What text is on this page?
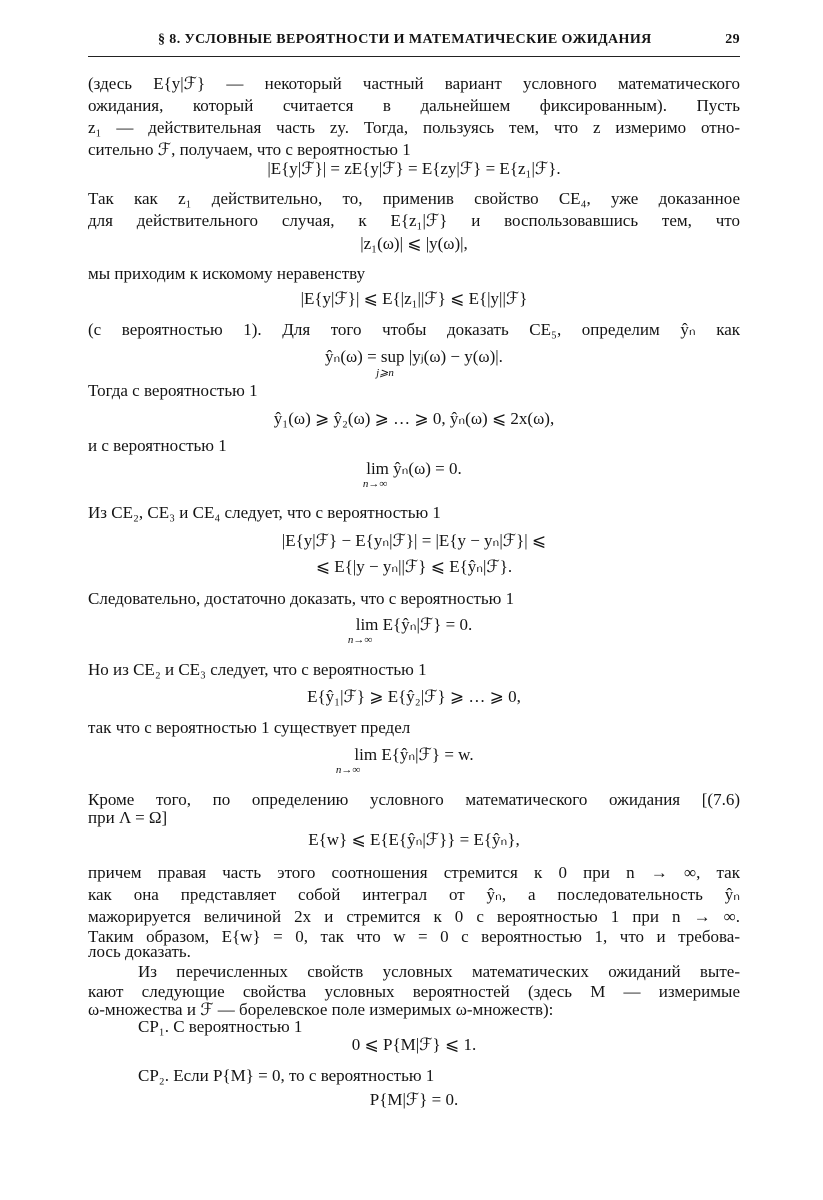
§ 8. УСЛОВНЫЕ ВЕРОЯТНОСТИ И МАТЕМАТИЧЕСКИЕ ОЖИДАНИЯ	29
(здесь E{y|ℱ} — некоторый частный вариант условного математического
ожидания, который считается в дальнейшем фиксированным). Пусть
z₁ — действительная часть zy. Тогда, пользуясь тем, что z измеримо отно-
сительно ℱ, получаем, что с вероятностью 1
|E{y|ℱ}| = zE{y|ℱ} = E{zy|ℱ} = E{z₁|ℱ}.
Так как z₁ действительно, то, применив свойство CE₄, уже доказанное
для действительного случая, к E{z₁|ℱ} и воспользовавшись тем, что
|z₁(ω)| ⩽ |y(ω)|,
мы приходим к искомому неравенству
|E{y|ℱ}| ⩽ E{|z₁||ℱ} ⩽ E{|y||ℱ}
(с вероятностью 1). Для того чтобы доказать CE₅, определим ŷₙ как
ŷₙ(ω) = sup |yⱼ(ω) − y(ω)|.
j⩾n
Тогда с вероятностью 1
ŷ₁(ω) ⩾ ŷ₂(ω) ⩾ … ⩾ 0, ŷₙ(ω) ⩽ 2x(ω),
и с вероятностью 1
lim ŷₙ(ω) = 0.
n→∞
Из CE₂, CE₃ и CE₄ следует, что с вероятностью 1
|E{y|ℱ} − E{yₙ|ℱ}| = |E{y − yₙ|ℱ}| ⩽
⩽ E{|y − yₙ||ℱ} ⩽ E{ŷₙ|ℱ}.
Следовательно, достаточно доказать, что с вероятностью 1
lim E{ŷₙ|ℱ} = 0.
n→∞
Но из CE₂ и CE₃ следует, что с вероятностью 1
E{ŷ₁|ℱ} ⩾ E{ŷ₂|ℱ} ⩾ … ⩾ 0,
так что с вероятностью 1 существует предел
lim E{ŷₙ|ℱ} = w.
n→∞
Кроме того, по определению условного математического ожидания [(7.6)
при Λ = Ω]
E{w} ⩽ E{E{ŷₙ|ℱ}} = E{ŷₙ},
причем правая часть этого соотношения стремится к 0 при n → ∞, так
как она представляет собой интеграл от ŷₙ, а последовательность ŷₙ
мажорируется величиной 2x и стремится к 0 с вероятностью 1 при n → ∞.
Таким образом, E{w} = 0, так что w = 0 с вероятностью 1, что и требова-
лось доказать.
Из перечисленных свойств условных математических ожиданий выте-
кают следующие свойства условных вероятностей (здесь M — измеримые
ω-множества и ℱ — борелевское поле измеримых ω-множеств):
CP₁. С вероятностью 1
0 ⩽ P{M|ℱ} ⩽ 1.
CP₂. Если P{M} = 0, то с вероятностью 1
P{M|ℱ} = 0.
